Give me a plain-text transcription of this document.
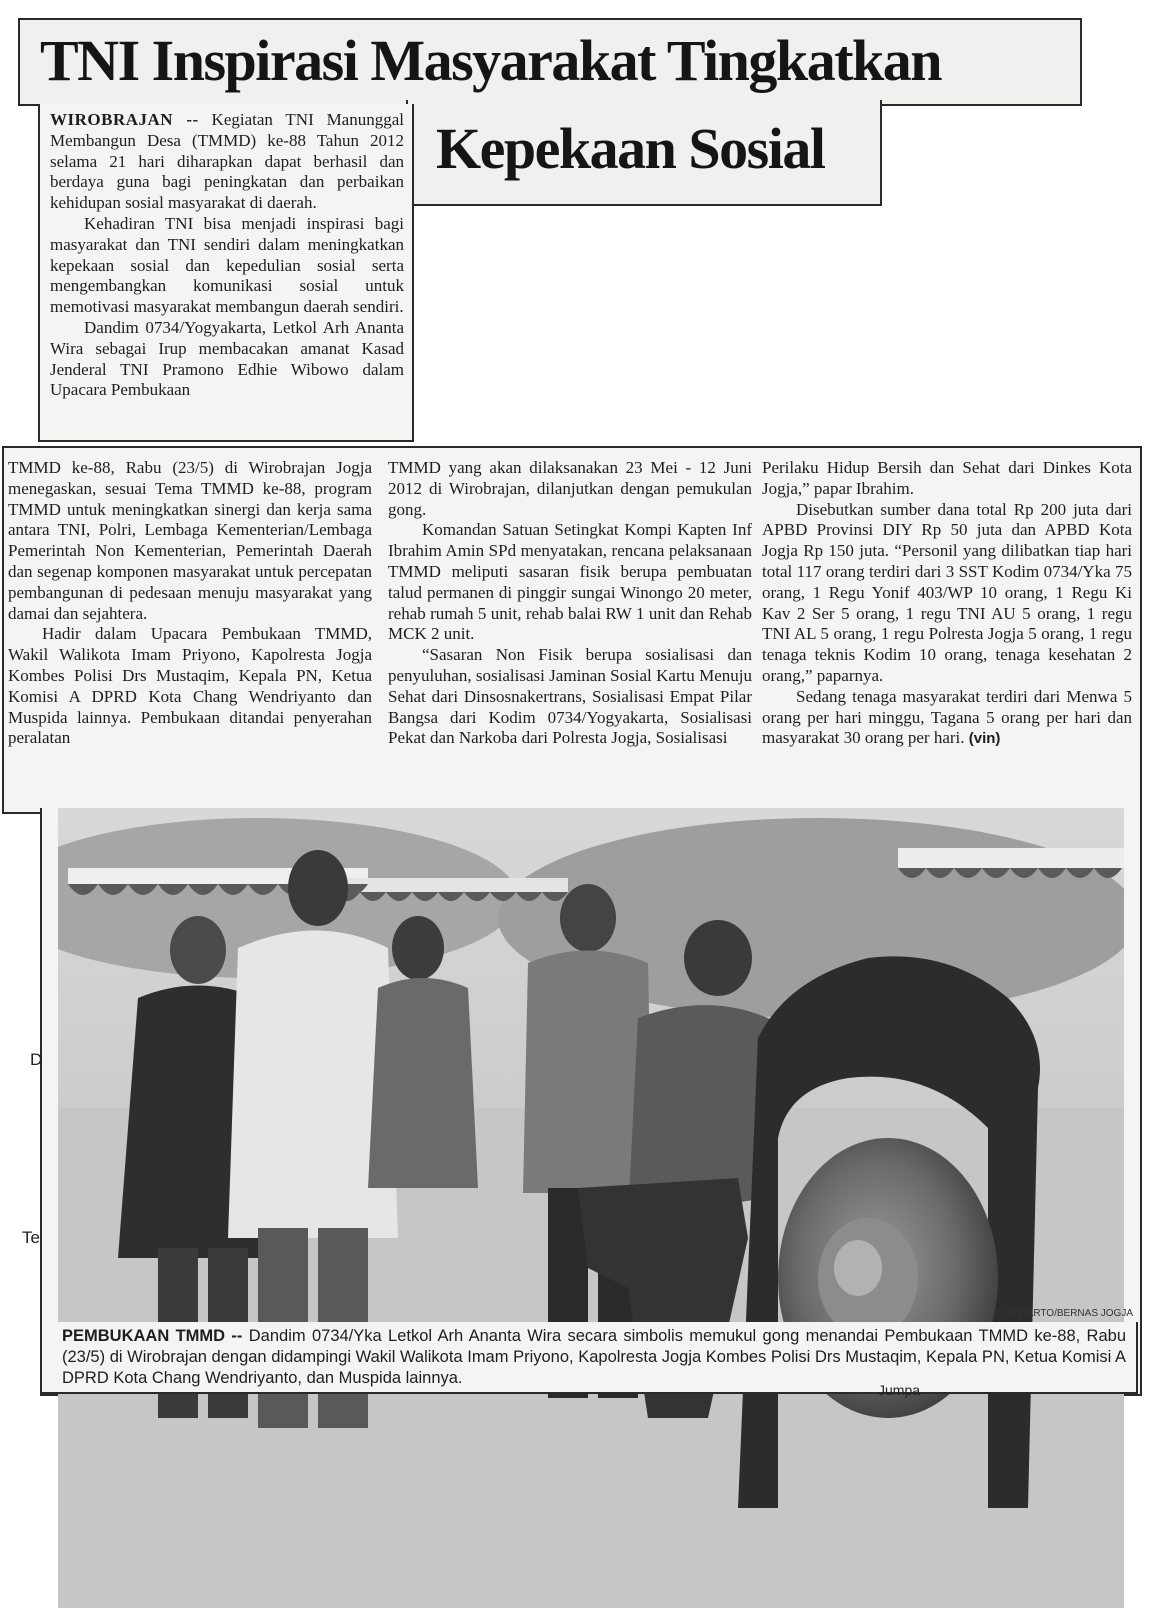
TNI Inspirasi Masyarakat Tingkatkan
Kepekaan Sosial

WIROBRAJAN -- Kegiatan TNI Manunggal Membangun Desa (TMMD) ke-88 Tahun 2012 selama 21 hari diharapkan dapat berhasil dan berdaya guna bagi peningkatan dan perbaikan kehidupan sosial masyarakat di daerah.

Kehadiran TNI bisa menjadi inspirasi bagi masyarakat dan TNI sendiri dalam meningkatkan kepekaan sosial dan kepedulian sosial serta mengembangkan komunikasi sosial untuk memotivasi masyarakat membangun daerah sendiri.

Dandim 0734/Yogyakarta, Letkol Arh Ananta Wira sebagai Irup membacakan amanat Kasad Jenderal TNI Pramono Edhie Wibowo dalam Upacara Pembukaan

TMMD ke-88, Rabu (23/5) di Wirobrajan Jogja menegaskan, sesuai Tema TMMD ke-88, program TMMD untuk meningkatkan sinergi dan kerja sama antara TNI, Polri, Lembaga Kementerian/Lembaga Pemerintah Non Kementerian, Pemerintah Daerah dan segenap komponen masyarakat untuk percepatan pembangunan di pedesaan menuju masyarakat yang damai dan sejahtera.

Hadir dalam Upacara Pembukaan TMMD, Wakil Walikota Imam Priyono, Kapolresta Jogja Kombes Polisi Drs Mustaqim, Kepala PN, Ketua Komisi A DPRD Kota Chang Wendriyanto dan Muspida lainnya. Pembukaan ditandai penyerahan peralatan

TMMD yang akan dilaksanakan 23 Mei - 12 Juni 2012 di Wirobrajan, dilanjutkan dengan pemukulan gong.

Komandan Satuan Setingkat Kompi Kapten Inf Ibrahim Amin SPd menyatakan, rencana pelaksanaan TMMD meliputi sasaran fisik berupa pembuatan talud permanen di pinggir sungai Winongo 20 meter, rehab rumah 5 unit, rehab balai RW 1 unit dan Rehab MCK 2 unit.

“Sasaran Non Fisik berupa sosialisasi dan penyuluhan, sosialisasi Jaminan Sosial Kartu Menuju Sehat dari Dinsosnakertrans, Sosialisasi Empat Pilar Bangsa dari Kodim 0734/Yogyakarta, Sosialisasi Pekat dan Narkoba dari Polresta Jogja, Sosialisasi

Perilaku Hidup Bersih dan Sehat dari Dinkes Kota Jogja,” papar Ibrahim.

Disebutkan sumber dana total Rp 200 juta dari APBD Provinsi DIY Rp 50 juta dan APBD Kota Jogja Rp 150 juta. “Personil yang dilibatkan tiap hari total 117 orang terdiri dari 3 SST Kodim 0734/Yka 75 orang, 1 Regu Yonif 403/WP 10 orang, 1 Regu Ki Kav 2 Ser 5 orang, 1 regu TNI AU 5 orang, 1 regu TNI AL 5 orang, 1 regu Polresta Jogja 5 orang, 1 regu tenaga teknis Kodim 10 orang, tenaga kesehatan 2 orang,” paparnya.

Sedang tenaga masyarakat terdiri dari Menwa 5 orang per hari minggu, Tagana 5 orang per hari dan masyarakat 30 orang per hari. (vin)

PEMBUKAAN TMMD -- Dandim 0734/Yka Letkol Arh Ananta Wira secara simbolis memukul gong menandai Pembukaan TMMD ke-88, Rabu (23/5) di Wirobrajan dengan didampingi Wakil Walikota Imam Priyono, Kapolresta Jogja Kombes Polisi Drs Mustaqim, Kepala PN, Ketua Komisi A DPRD Kota Chang Wendriyanto, dan Muspida lainnya.
JUVINTARTO/BERNAS JOGJA
D
Te
Jumpa
